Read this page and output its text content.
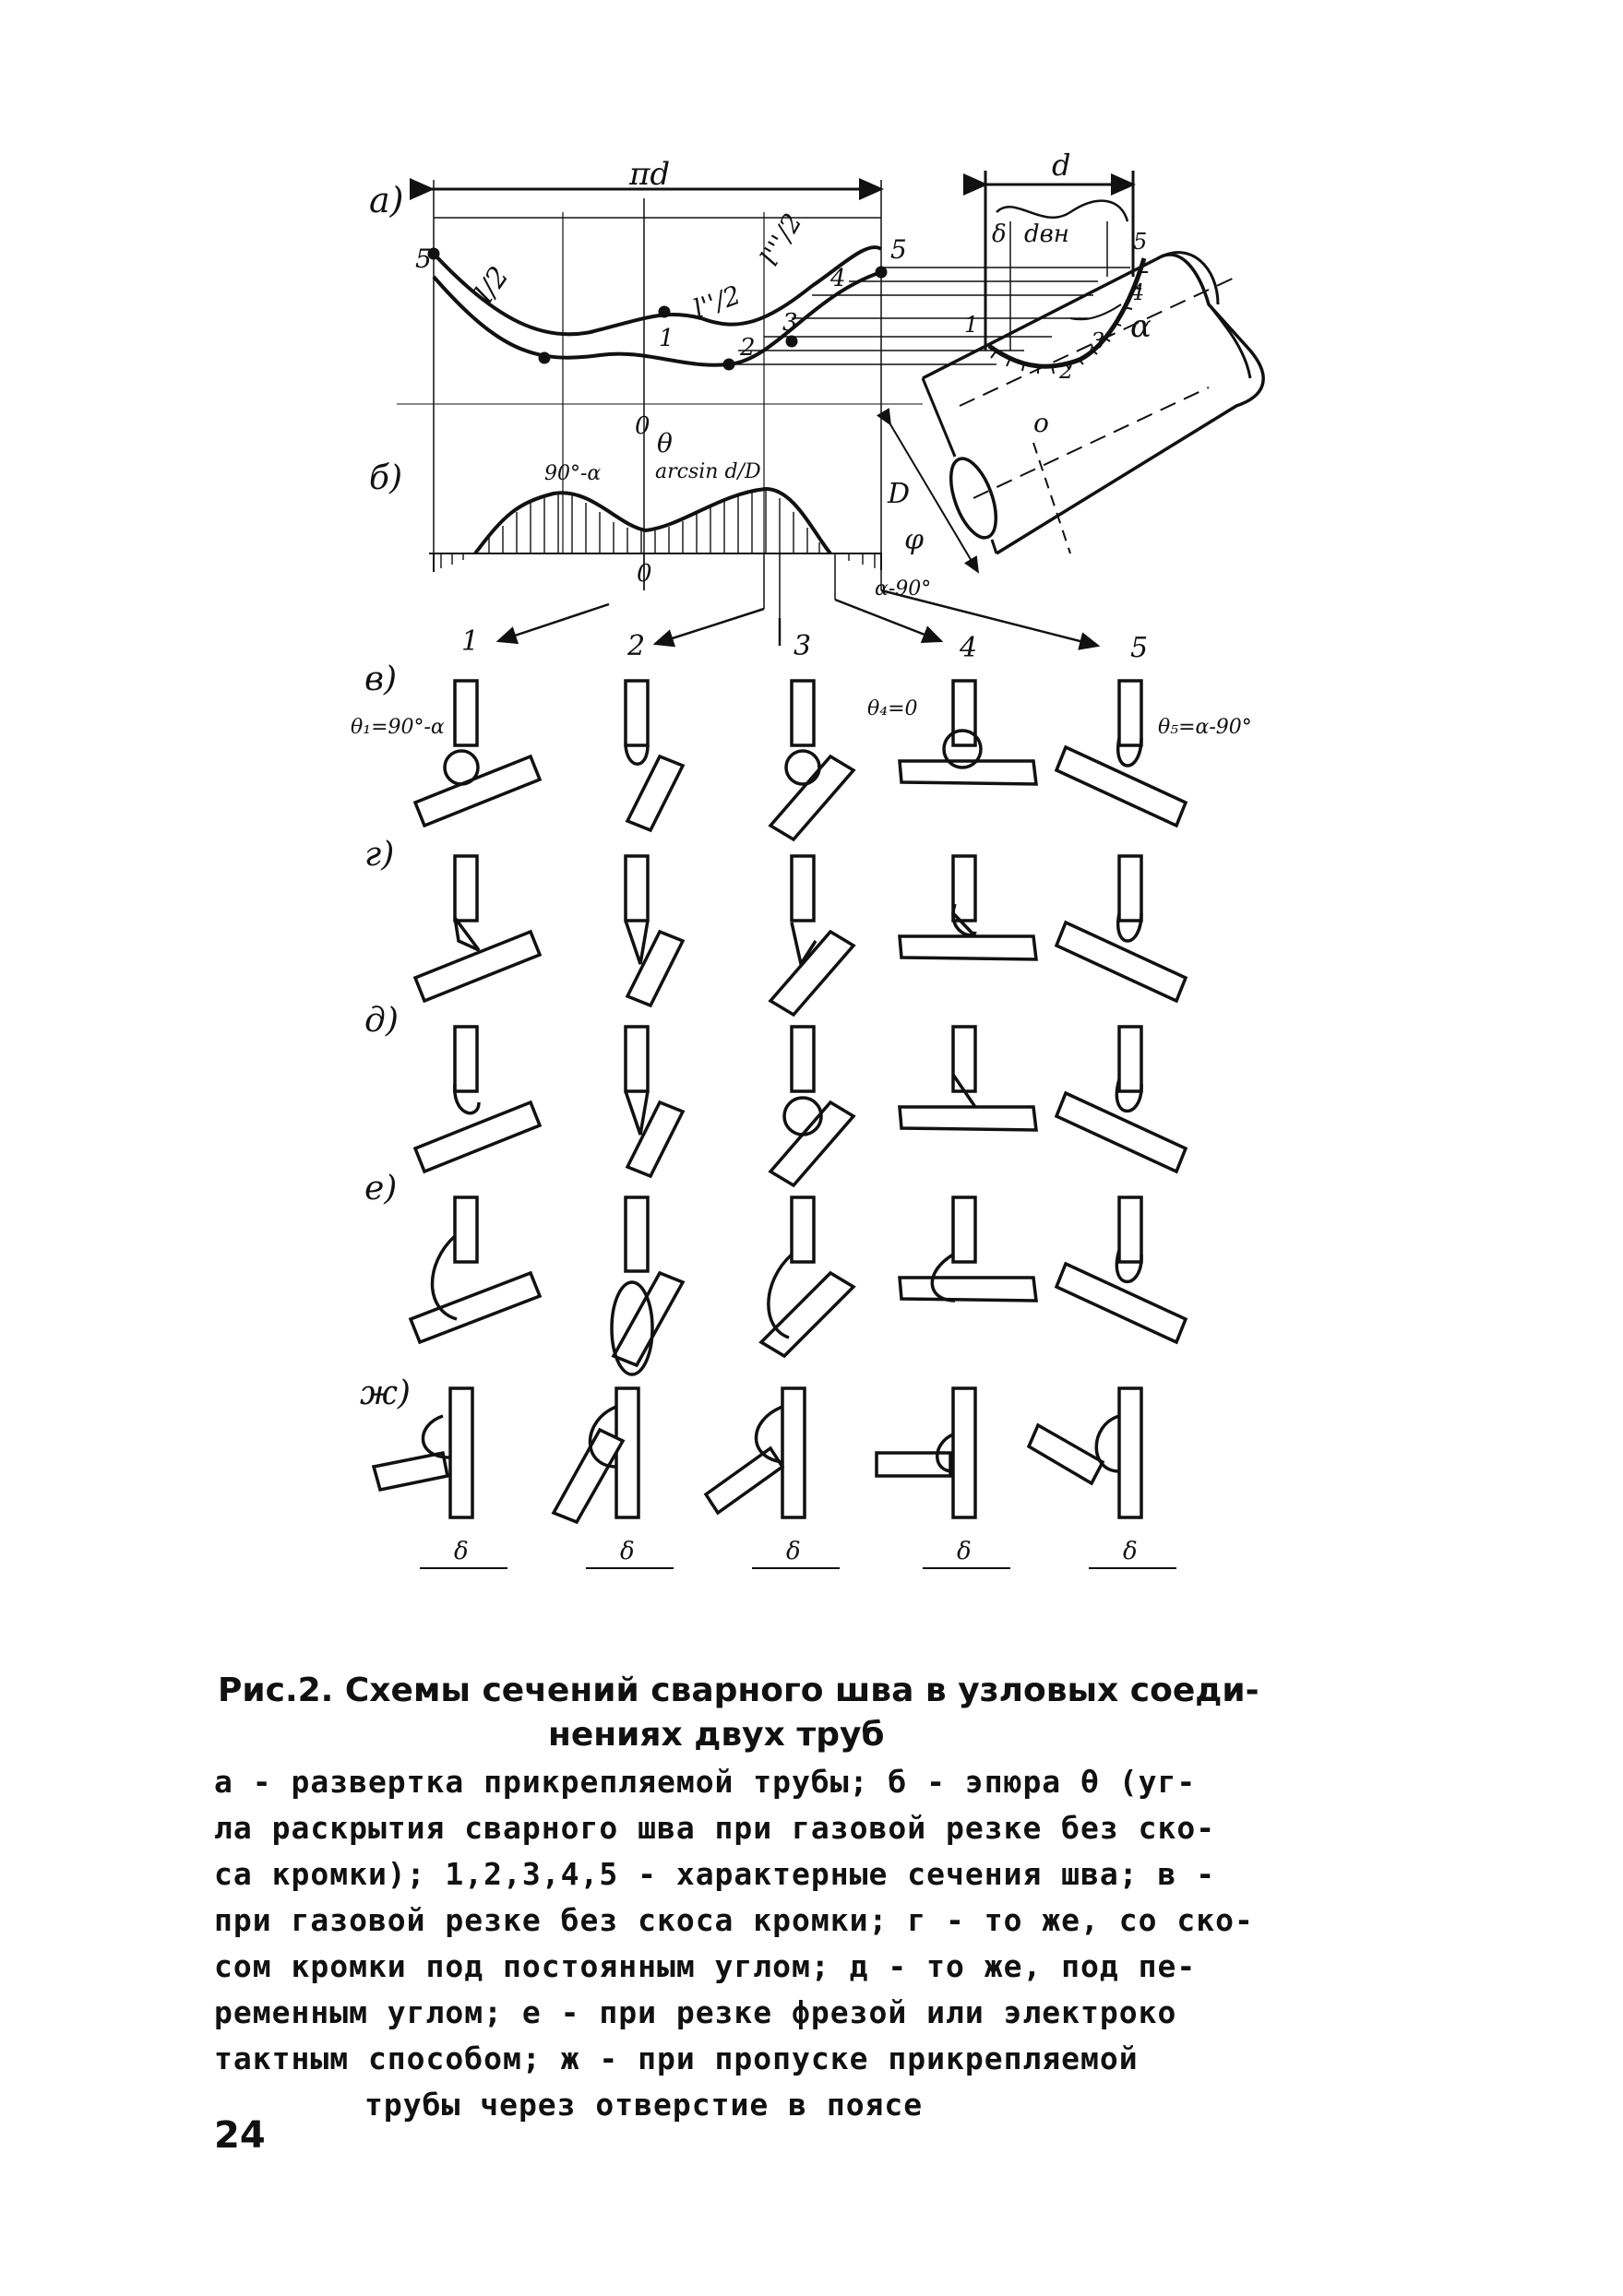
а)
πd
5	5
1	2
3
4
l/2	l''/2
l'''/2
0
d
δ dвн	5
4
3
2
1	α
о
D
φ
б)
0
θ
arcsin d/D
90°-α
α-90°
1	2	3	4	5
δ	δ	δ	δ	δ
в)
г)
д)
е)
ж)
θ₁=90°-α
θ₄=0
θ₅=α-90°
Рис.2. Схемы сечений сварного шва в узловых соеди-
нениях двух труб
а - развертка прикрепляемой трубы; б - эпюра θ (уг-
ла раскрытия сварного шва при газовой резке без ско-
са кромки); 1,2,3,4,5 - характерные сечения шва; в -
при газовой резке без скоса кромки; г - то же, со ско-
сом кромки под постоянным углом; д - то же, под пе-
ременным углом; е - при резке фрезой или электроко
тактным способом; ж - при пропуске прикрепляемой
трубы через отверстие в поясе
24
